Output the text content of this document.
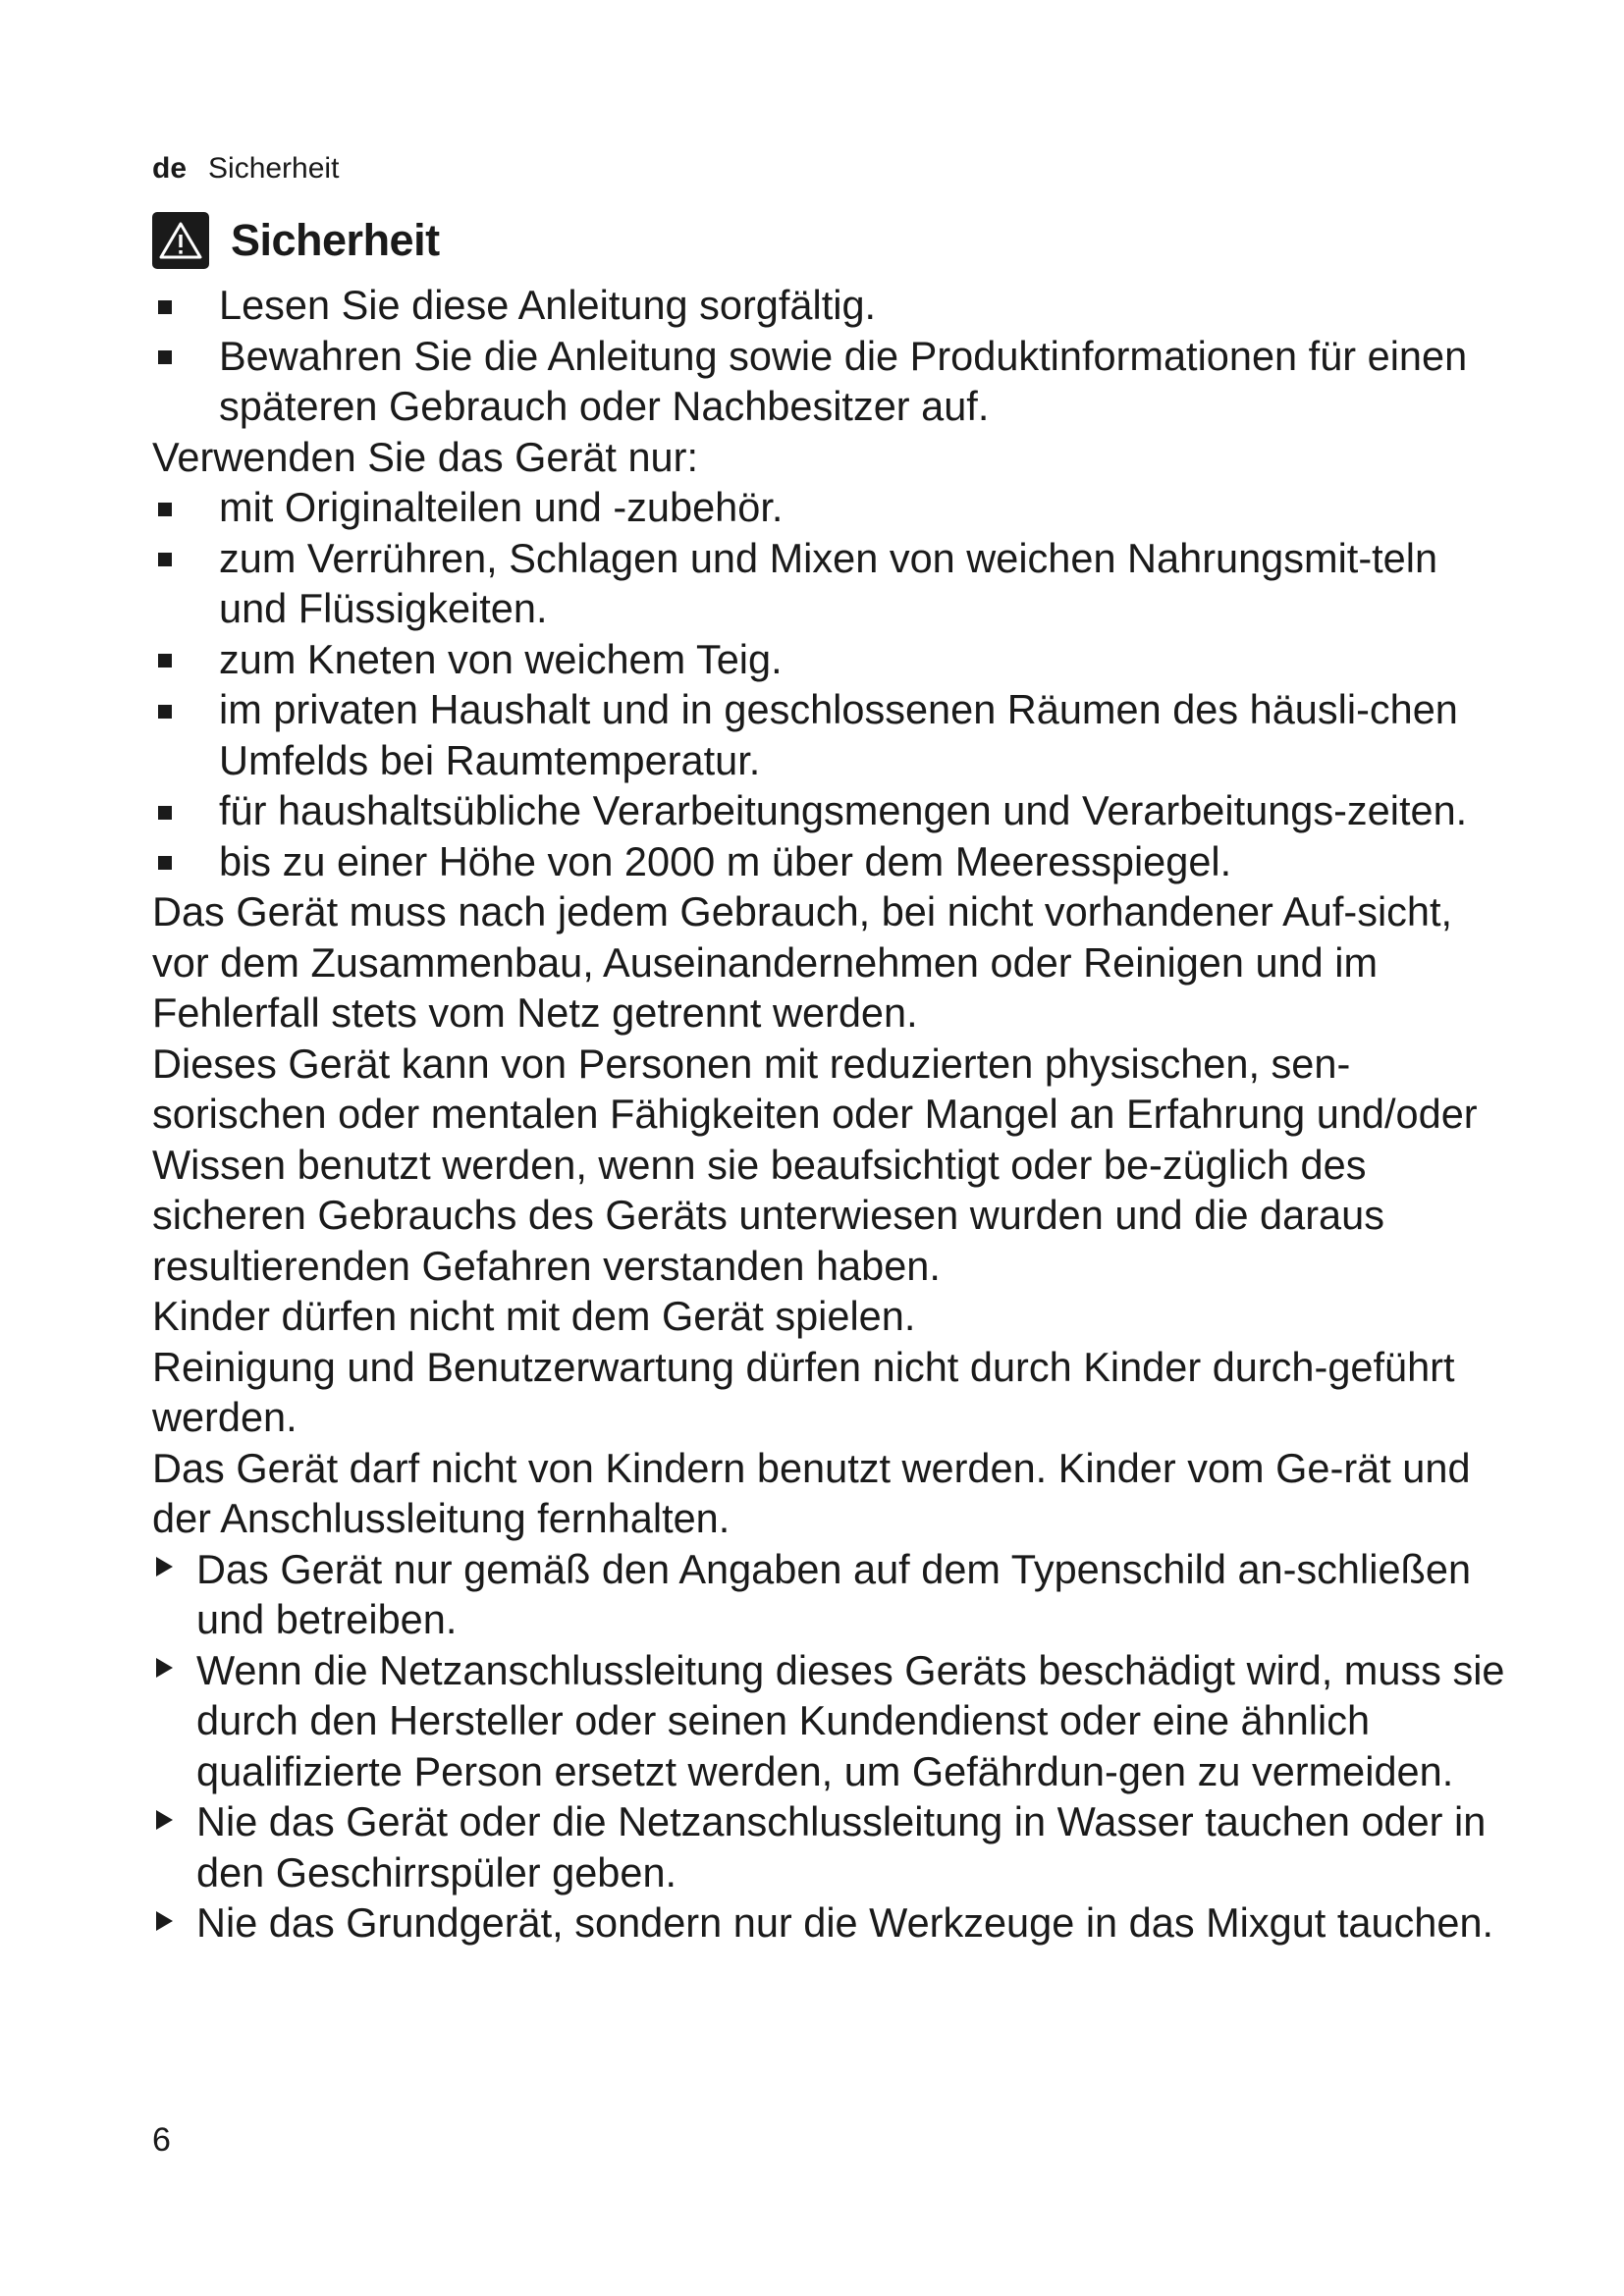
de Sicherheit
Sicherheit
Lesen Sie diese Anleitung sorgfältig.
Bewahren Sie die Anleitung sowie die Produktinformationen für einen späteren Gebrauch oder Nachbesitzer auf.

Verwenden Sie das Gerät nur:

mit Originalteilen und -zubehör.
zum Verrühren, Schlagen und Mixen von weichen Nahrungsmit-teln und Flüssigkeiten.
zum Kneten von weichem Teig.
im privaten Haushalt und in geschlossenen Räumen des häusli-chen Umfelds bei Raumtemperatur.
für haushaltsübliche Verarbeitungsmengen und Verarbeitungs-zeiten.
bis zu einer Höhe von 2000 m über dem Meeresspiegel.

Das Gerät muss nach jedem Gebrauch, bei nicht vorhandener Auf-sicht, vor dem Zusammenbau, Auseinandernehmen oder Reinigen und im Fehlerfall stets vom Netz getrennt werden.

Dieses Gerät kann von Personen mit reduzierten physischen, sen-sorischen oder mentalen Fähigkeiten oder Mangel an Erfahrung und/oder Wissen benutzt werden, wenn sie beaufsichtigt oder be-züglich des sicheren Gebrauchs des Geräts unterwiesen wurden und die daraus resultierenden Gefahren verstanden haben.

Kinder dürfen nicht mit dem Gerät spielen.

Reinigung und Benutzerwartung dürfen nicht durch Kinder durch-geführt werden.

Das Gerät darf nicht von Kindern benutzt werden. Kinder vom Ge-rät und der Anschlussleitung fernhalten.

Das Gerät nur gemäß den Angaben auf dem Typenschild an-schließen und betreiben.
Wenn die Netzanschlussleitung dieses Geräts beschädigt wird, muss sie durch den Hersteller oder seinen Kundendienst oder eine ähnlich qualifizierte Person ersetzt werden, um Gefährdun-gen zu vermeiden.
Nie das Gerät oder die Netzanschlussleitung in Wasser tauchen oder in den Geschirrspüler geben.
Nie das Grundgerät, sondern nur die Werkzeuge in das Mixgut tauchen.
6
